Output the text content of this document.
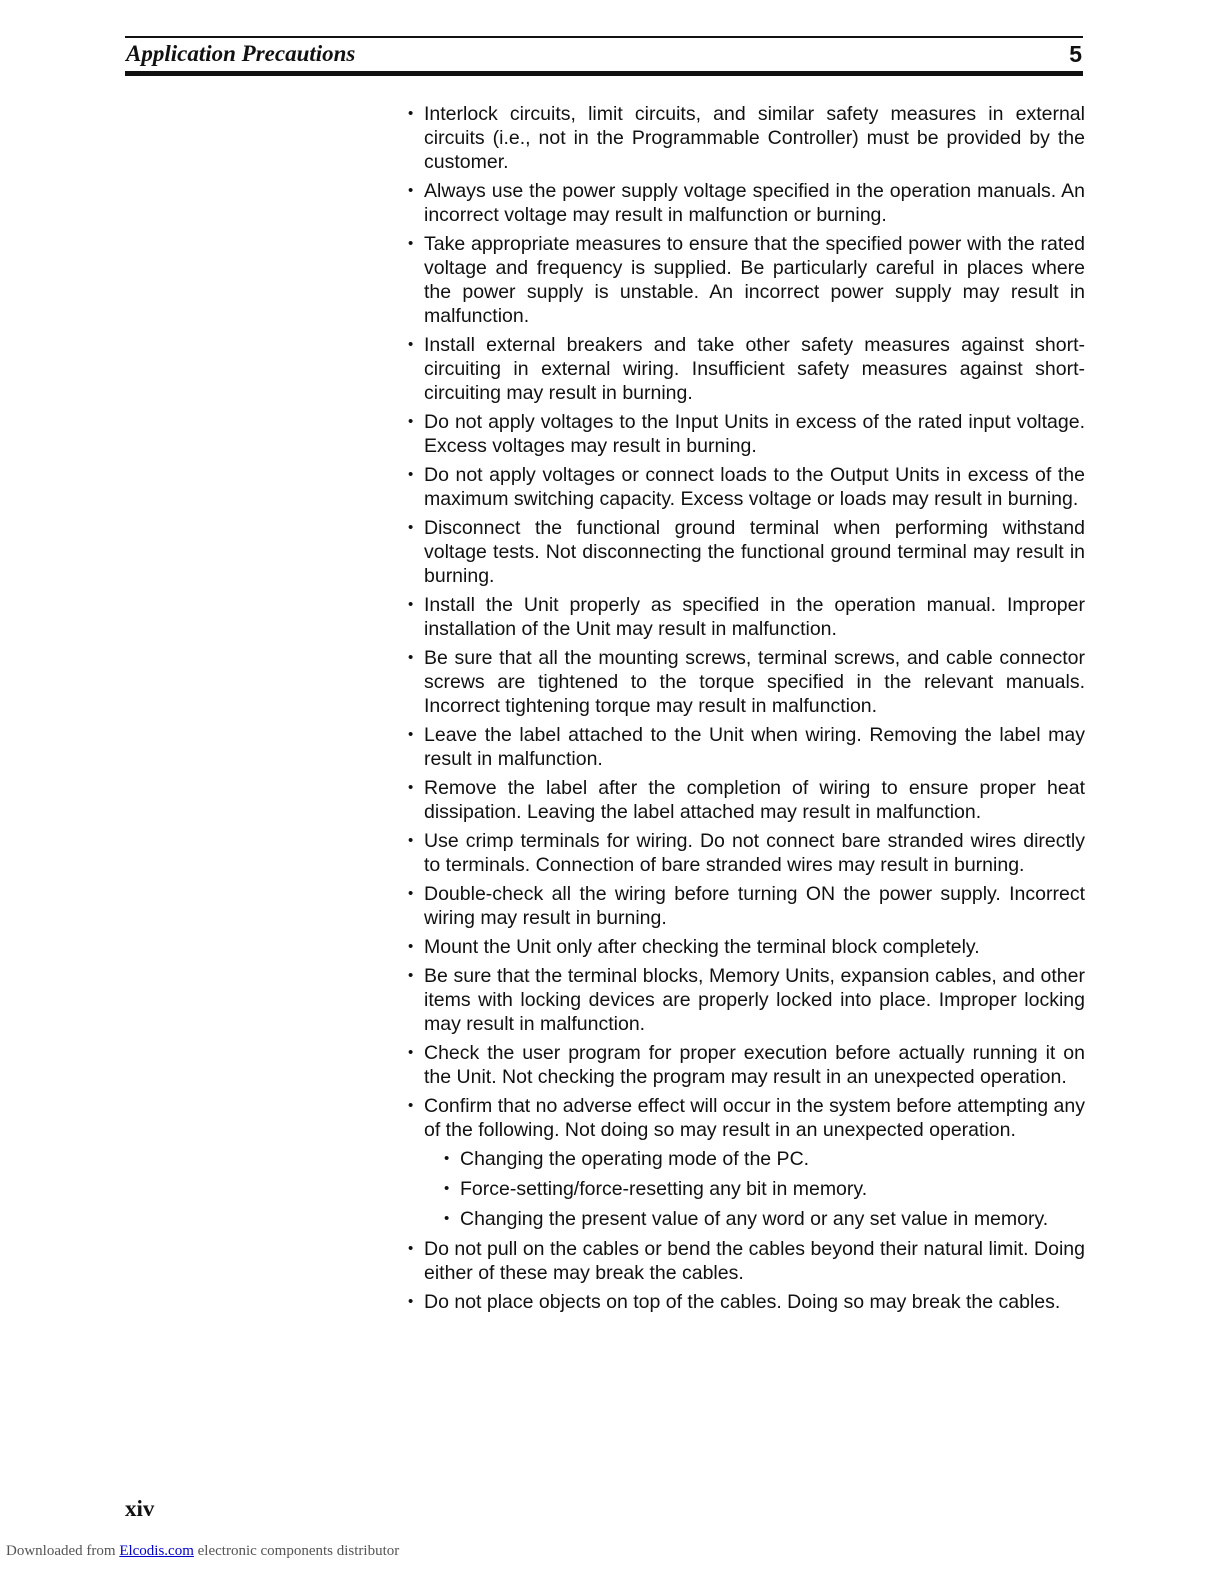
Application Precautions	5
• Interlock circuits, limit circuits, and similar safety measures in external circuits (i.e., not in the Programmable Controller) must be provided by the customer.
• Always use the power supply voltage specified in the operation manuals. An incorrect voltage may result in malfunction or burning.
• Take appropriate measures to ensure that the specified power with the rated voltage and frequency is supplied. Be particularly careful in places where the power supply is unstable. An incorrect power supply may result in malfunction.
• Install external breakers and take other safety measures against short-circuiting in external wiring. Insufficient safety measures against short-circuiting may result in burning.
• Do not apply voltages to the Input Units in excess of the rated input voltage. Excess voltages may result in burning.
• Do not apply voltages or connect loads to the Output Units in excess of the maximum switching capacity. Excess voltage or loads may result in burning.
• Disconnect the functional ground terminal when performing withstand voltage tests. Not disconnecting the functional ground terminal may result in burning.
• Install the Unit properly as specified in the operation manual. Improper installation of the Unit may result in malfunction.
• Be sure that all the mounting screws, terminal screws, and cable connector screws are tightened to the torque specified in the relevant manuals. Incorrect tightening torque may result in malfunction.
• Leave the label attached to the Unit when wiring. Removing the label may result in malfunction.
• Remove the label after the completion of wiring to ensure proper heat dissipation. Leaving the label attached may result in malfunction.
• Use crimp terminals for wiring. Do not connect bare stranded wires directly to terminals. Connection of bare stranded wires may result in burning.
• Double-check all the wiring before turning ON the power supply. Incorrect wiring may result in burning.
• Mount the Unit only after checking the terminal block completely.
• Be sure that the terminal blocks, Memory Units, expansion cables, and other items with locking devices are properly locked into place. Improper locking may result in malfunction.
• Check the user program for proper execution before actually running it on the Unit. Not checking the program may result in an unexpected operation.
• Confirm that no adverse effect will occur in the system before attempting any of the following. Not doing so may result in an unexpected operation.
• Changing the operating mode of the PC.
• Force-setting/force-resetting any bit in memory.
• Changing the present value of any word or any set value in memory.
• Do not pull on the cables or bend the cables beyond their natural limit. Doing either of these may break the cables.
• Do not place objects on top of the cables. Doing so may break the cables.
xiv
Downloaded from Elcodis.com electronic components distributor
